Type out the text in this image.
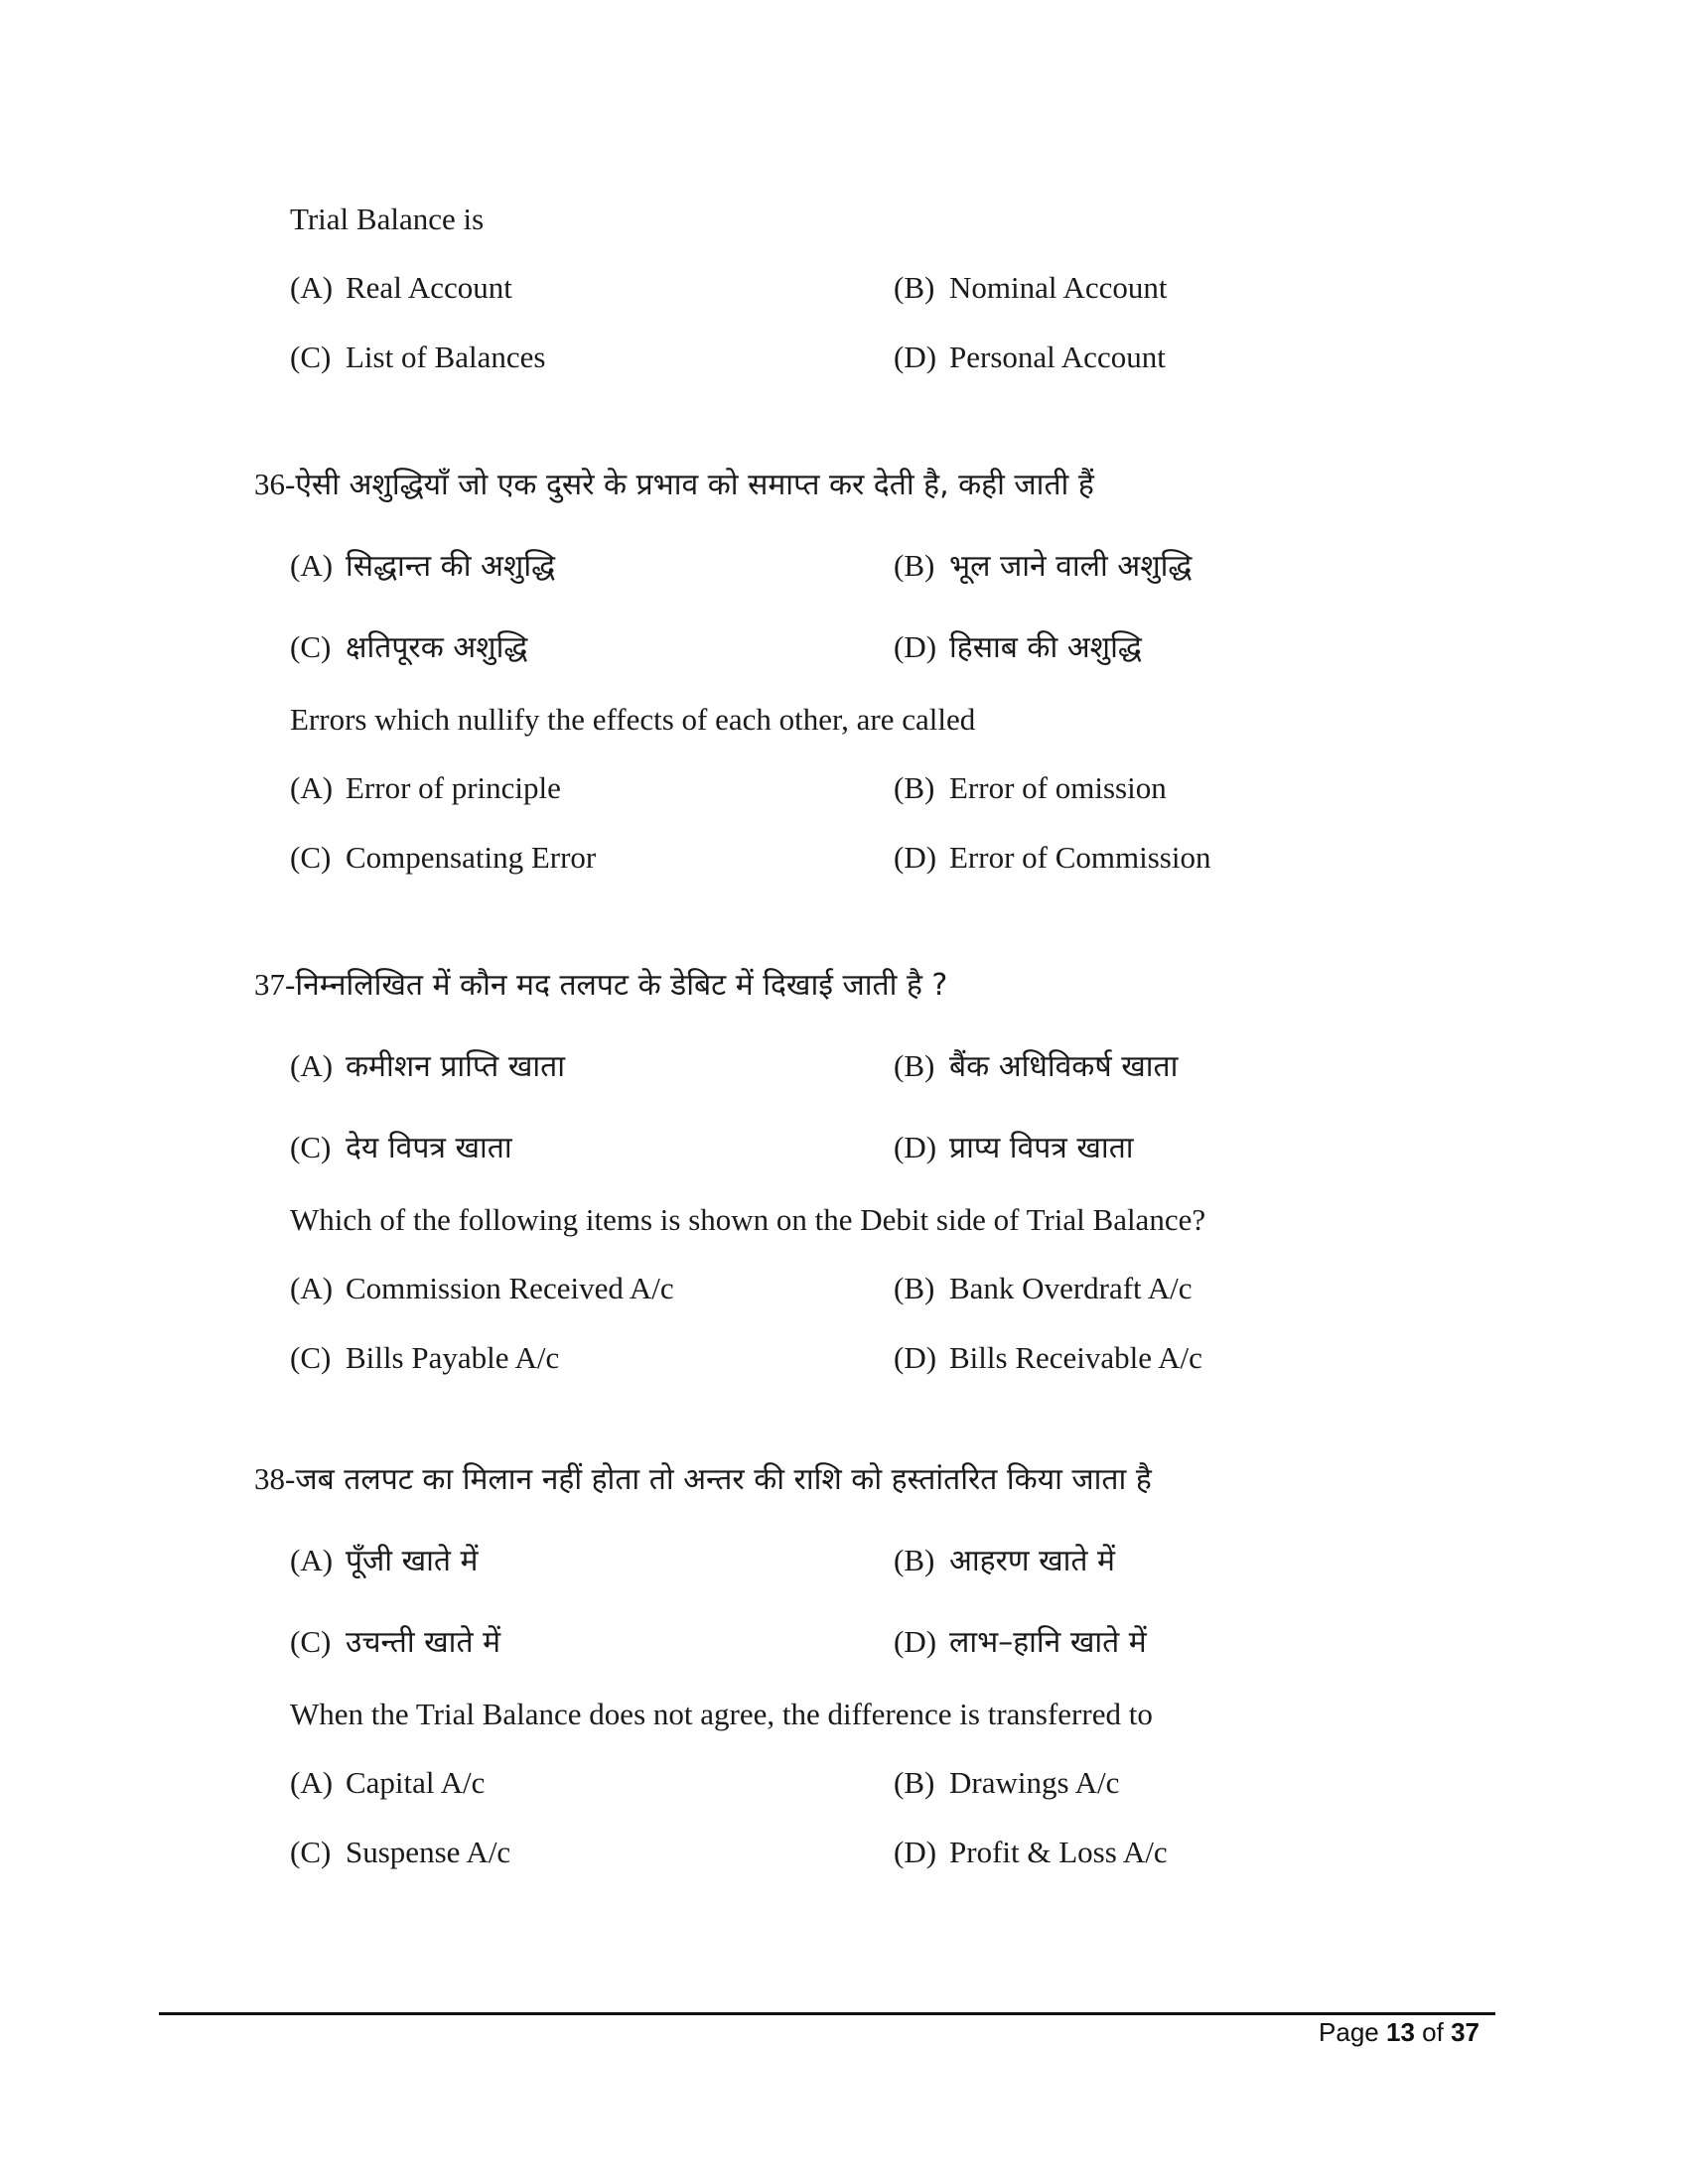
Trial Balance is
(A) Real Account	(B) Nominal Account
(C) List of Balances	(D) Personal Account
36-ऐसी अशुद्धियाँ जो एक दुसरे के प्रभाव को समाप्त कर देती है, कही जाती हैं
(A) सिद्धान्त की अशुद्धि	(B) भूल जाने वाली अशुद्धि
(C) क्षतिपूरक अशुद्धि	(D) हिसाब की अशुद्धि
Errors which nullify the effects of each other, are called
(A) Error of principle	(B) Error of omission
(C) Compensating Error	(D) Error of Commission
37-निम्नलिखित में कौन मद तलपट के डेबिट में दिखाई जाती है ?
(A) कमीशन प्राप्ति खाता	(B) बैंक अधिविकर्ष खाता
(C) देय विपत्र खाता	(D) प्राप्य विपत्र खाता
Which of the following items is shown on the Debit side of Trial Balance?
(A) Commission Received A/c	(B) Bank Overdraft A/c
(C) Bills Payable A/c	(D) Bills Receivable A/c
38-जब तलपट का मिलान नहीं होता तो अन्तर की राशि को हस्तांतरित किया जाता है
(A) पूँजी खाते में	(B) आहरण खाते में
(C) उचन्ती खाते में	(D) लाभ–हानि खाते में
When the Trial Balance does not agree, the difference is transferred to
(A) Capital A/c	(B) Drawings A/c
(C) Suspense A/c	(D) Profit & Loss A/c
Page 13 of 37
